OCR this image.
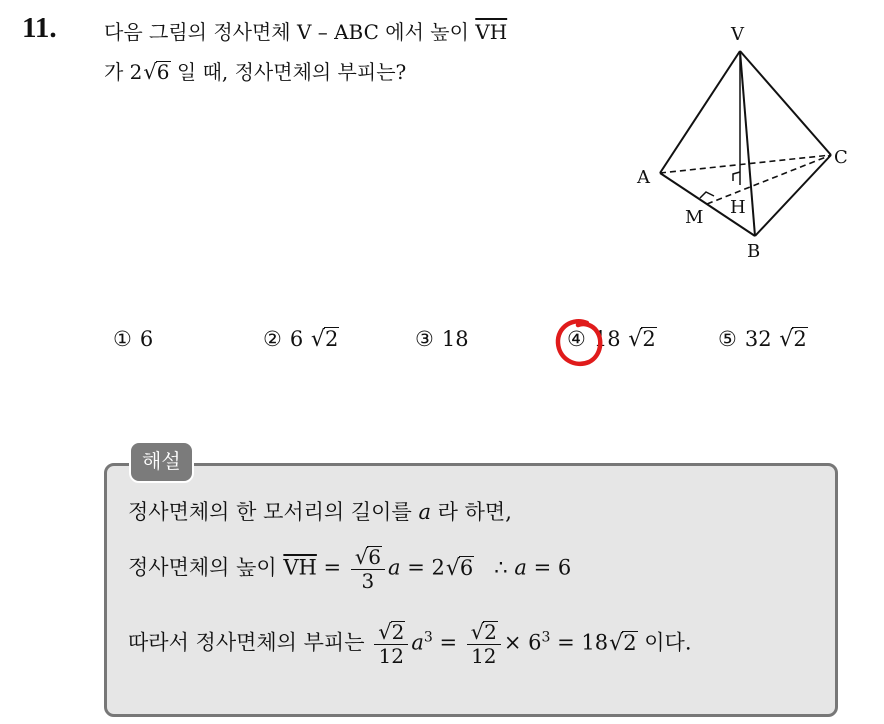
11. 다음 그림의 정사면체 V – ABC 에서 높이 $\overline{VH}$
가 2√6 일 때, 정사면체의 부피는?
V
A
B
C
H
M
① 6	② 6 √2	③ 18	④ 18 √2	⑤ 32 √2
해설
정사면체의 한 모서리의 길이를 a 라 하면,
정사면체의 높이 $\overline{VH} = \frac{√6}{3}$ a = 2√6 ∴ a = 6
따라서 정사면체의 부피는 $\frac{√2}{12} a^3 = \frac{√2}{12} \times 6^3 = 18√2$ 이다.
